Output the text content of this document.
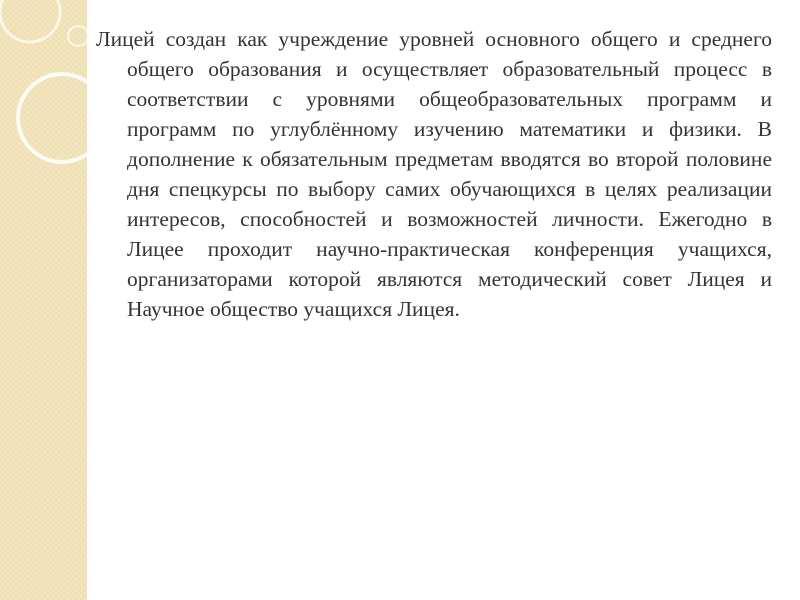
Лицей создан как учреждение уровней основного общего и среднего общего образования и осуществляет образовательный процесс в соответствии с уровнями общеобразовательных программ и программ по углублённому изучению математики и физики. В дополнение к обязательным предметам вводятся во второй половине дня спецкурсы по выбору самих обучающихся в целях реализации интересов, способностей и возможностей личности. Ежегодно в Лицее проходит научно-практическая конференция учащихся, организаторами которой являются методический совет Лицея и Научное общество учащихся Лицея.
